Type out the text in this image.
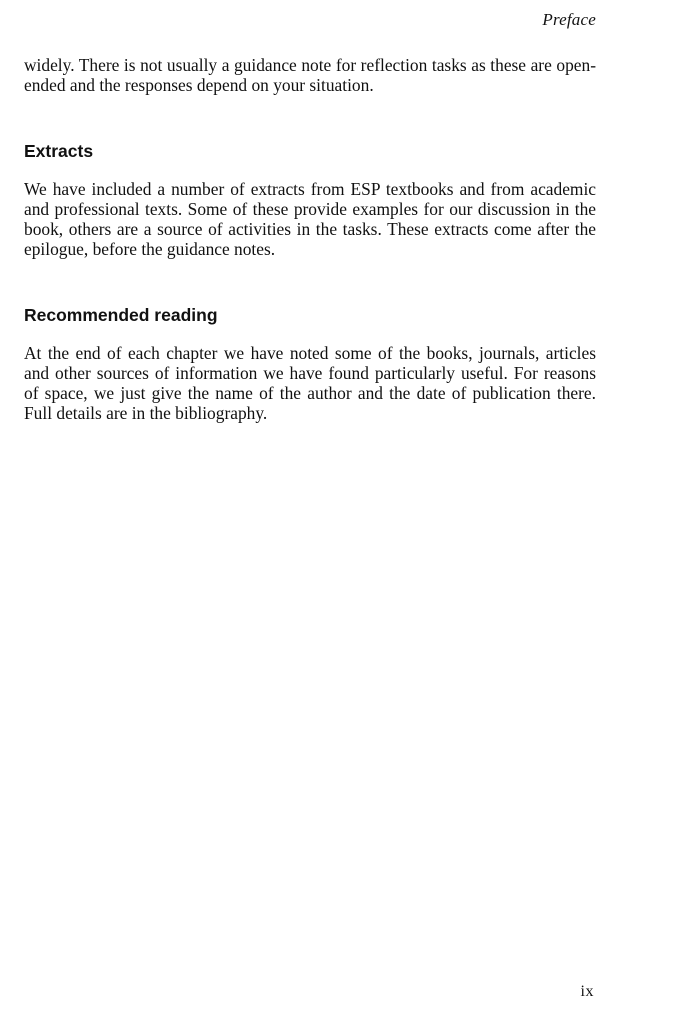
Preface

widely. There is not usually a guidance note for reflection tasks as these are open-ended and the responses depend on your situation.

Extracts

We have included a number of extracts from ESP textbooks and from academic and professional texts. Some of these provide examples for our discussion in the book, others are a source of activities in the tasks. These extracts come after the epilogue, before the guidance notes.

Recommended reading

At the end of each chapter we have noted some of the books, journals, articles and other sources of information we have found particularly useful. For reasons of space, we just give the name of the author and the date of publication there. Full details are in the bibliography.

ix
